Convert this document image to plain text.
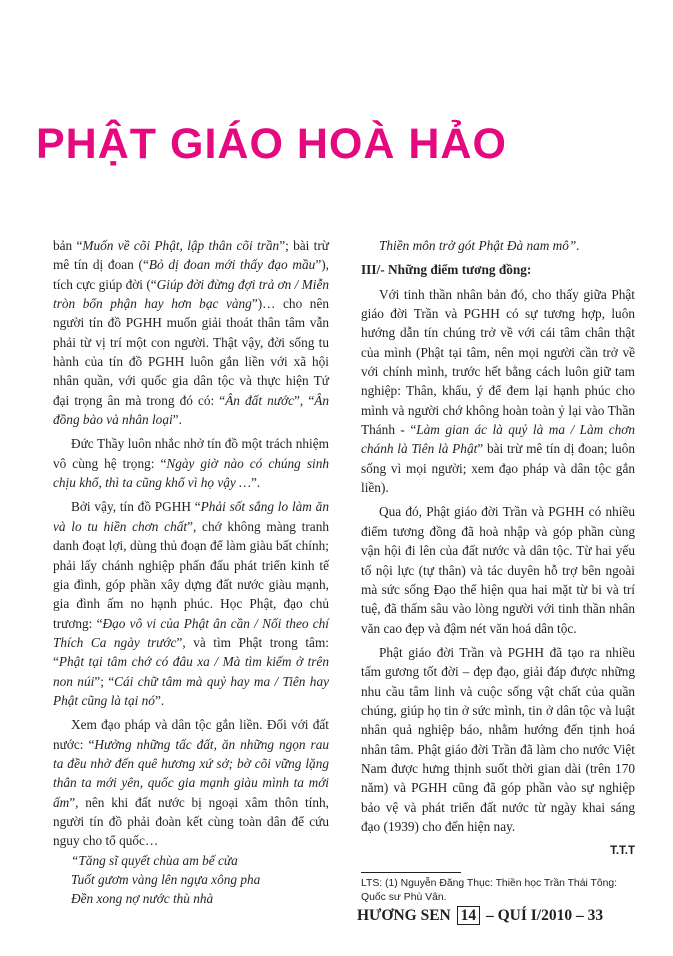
PHẬT GIÁO HOÀ HẢO

bản “Muốn về cõi Phật, lập thân cõi trần”; bài trừ mê tín dị đoan (“Bỏ dị đoan mới thấy đạo mầu”), tích cực giúp đời (“Giúp đời đừng đợi trả ơn / Miễn tròn bổn phận hay hơn bạc vàng”)… cho nên người tín đồ PGHH muốn giải thoát thân tâm vẫn phải từ vị trí một con người. Thật vậy, đời sống tu hành của tín đồ PGHH luôn gắn liền với xã hội nhân quần, với quốc gia dân tộc và thực hiện Tứ đại trọng ân mà trong đó có: “Ân đất nước”, “Ân đồng bào và nhân loại”.

Đức Thầy luôn nhắc nhở tín đồ một trách nhiệm vô cùng hệ trọng: “Ngày giờ nào có chúng sinh chịu khổ, thì ta cũng khổ vì họ vậy …”.

Bởi vậy, tín đồ PGHH “Phải sốt sắng lo làm ăn và lo tu hiền chơn chất”, chớ không màng tranh danh đoạt lợi, dùng thủ đoạn để làm giàu bất chính; phải lấy chánh nghiệp phấn đấu phát triển kinh tế gia đình, góp phần xây dựng đất nước giàu mạnh, gia đình ấm no hạnh phúc. Học Phật, đạo chủ trương: “Đạo vô vi của Phật ân cần / Nối theo chí Thích Ca ngày trước”, và tìm Phật trong tâm: “Phật tại tâm chớ có đâu xa / Mà tìm kiếm ở trên non núi”; “Cái chữ tâm mà quỷ hay ma / Tiên hay Phật cũng là tại nó”.

Xem đạo pháp và dân tộc gắn liền. Đối với đất nước: “Hưởng những tấc đất, ăn những ngọn rau ta đều nhờ đến quê hương xứ sở; bờ cõi vững lặng thân ta mới yên, quốc gia mạnh giàu mình ta mới ấm”, nên khi đất nước bị ngoại xâm thôn tính, người tín đồ phải đoàn kết cùng toàn dân để cứu nguy cho tổ quốc…

“Tăng sĩ quyết chùa am bế cửa

Tuốt gươm vàng lên ngựa xông pha

Đền xong nợ nước thù nhà

Thiền môn trở gót Phật Đà nam mô”.

III/- Những điểm tương đồng:

Với tinh thần nhân bản đó, cho thấy giữa Phật giáo đời Trần và PGHH có sự tương hợp, luôn hướng dẫn tín chúng trở về với cái tâm chân thật của mình (Phật tại tâm, nên mọi người cần trở về với chính mình, trước hết bằng cách luôn giữ tam nghiệp: Thân, khẩu, ý để đem lại hạnh phúc cho mình và người chớ không hoàn toàn ỷ lại vào Thần Thánh - “Làm gian ác là quỷ là ma / Làm chơn chánh là Tiên là Phật” bài trừ mê tín dị đoan; luôn sống vì mọi người; xem đạo pháp và dân tộc gắn liền).

Qua đó, Phật giáo đời Trần và PGHH có nhiều điểm tương đồng đã hoà nhập và góp phần cùng vận hội đi lên của đất nước và dân tộc. Từ hai yếu tố nội lực (tự thân) và tác duyên hỗ trợ bên ngoài mà sức sống Đạo thể hiện qua hai mặt từ bi và trí tuệ, đã thấm sâu vào lòng người với tinh thần nhân văn cao đẹp và đậm nét văn hoá dân tộc.

Phật giáo đời Trần và PGHH đã tạo ra nhiều tấm gương tốt đời – đẹp đạo, giải đáp được những nhu cầu tâm linh và cuộc sống vật chất của quần chúng, giúp họ tin ở sức mình, tin ở dân tộc và luật nhân quả nghiệp báo, nhằm hướng đến tịnh hoá nhân tâm. Phật giáo đời Trần đã làm cho nước Việt Nam được hưng thịnh suốt thời gian dài (trên 170 năm) và PGHH cũng đã góp phần vào sự nghiệp bảo vệ và phát triển đất nước từ ngày khai sáng đạo (1939) cho đến hiện nay.

T.T.T

LTS: (1) Nguyễn Đăng Thục: Thiền học Trần Thái Tông: Quốc sư Phù Vân.

HƯƠNG SEN 14 – QUÍ I/2010 – 33
